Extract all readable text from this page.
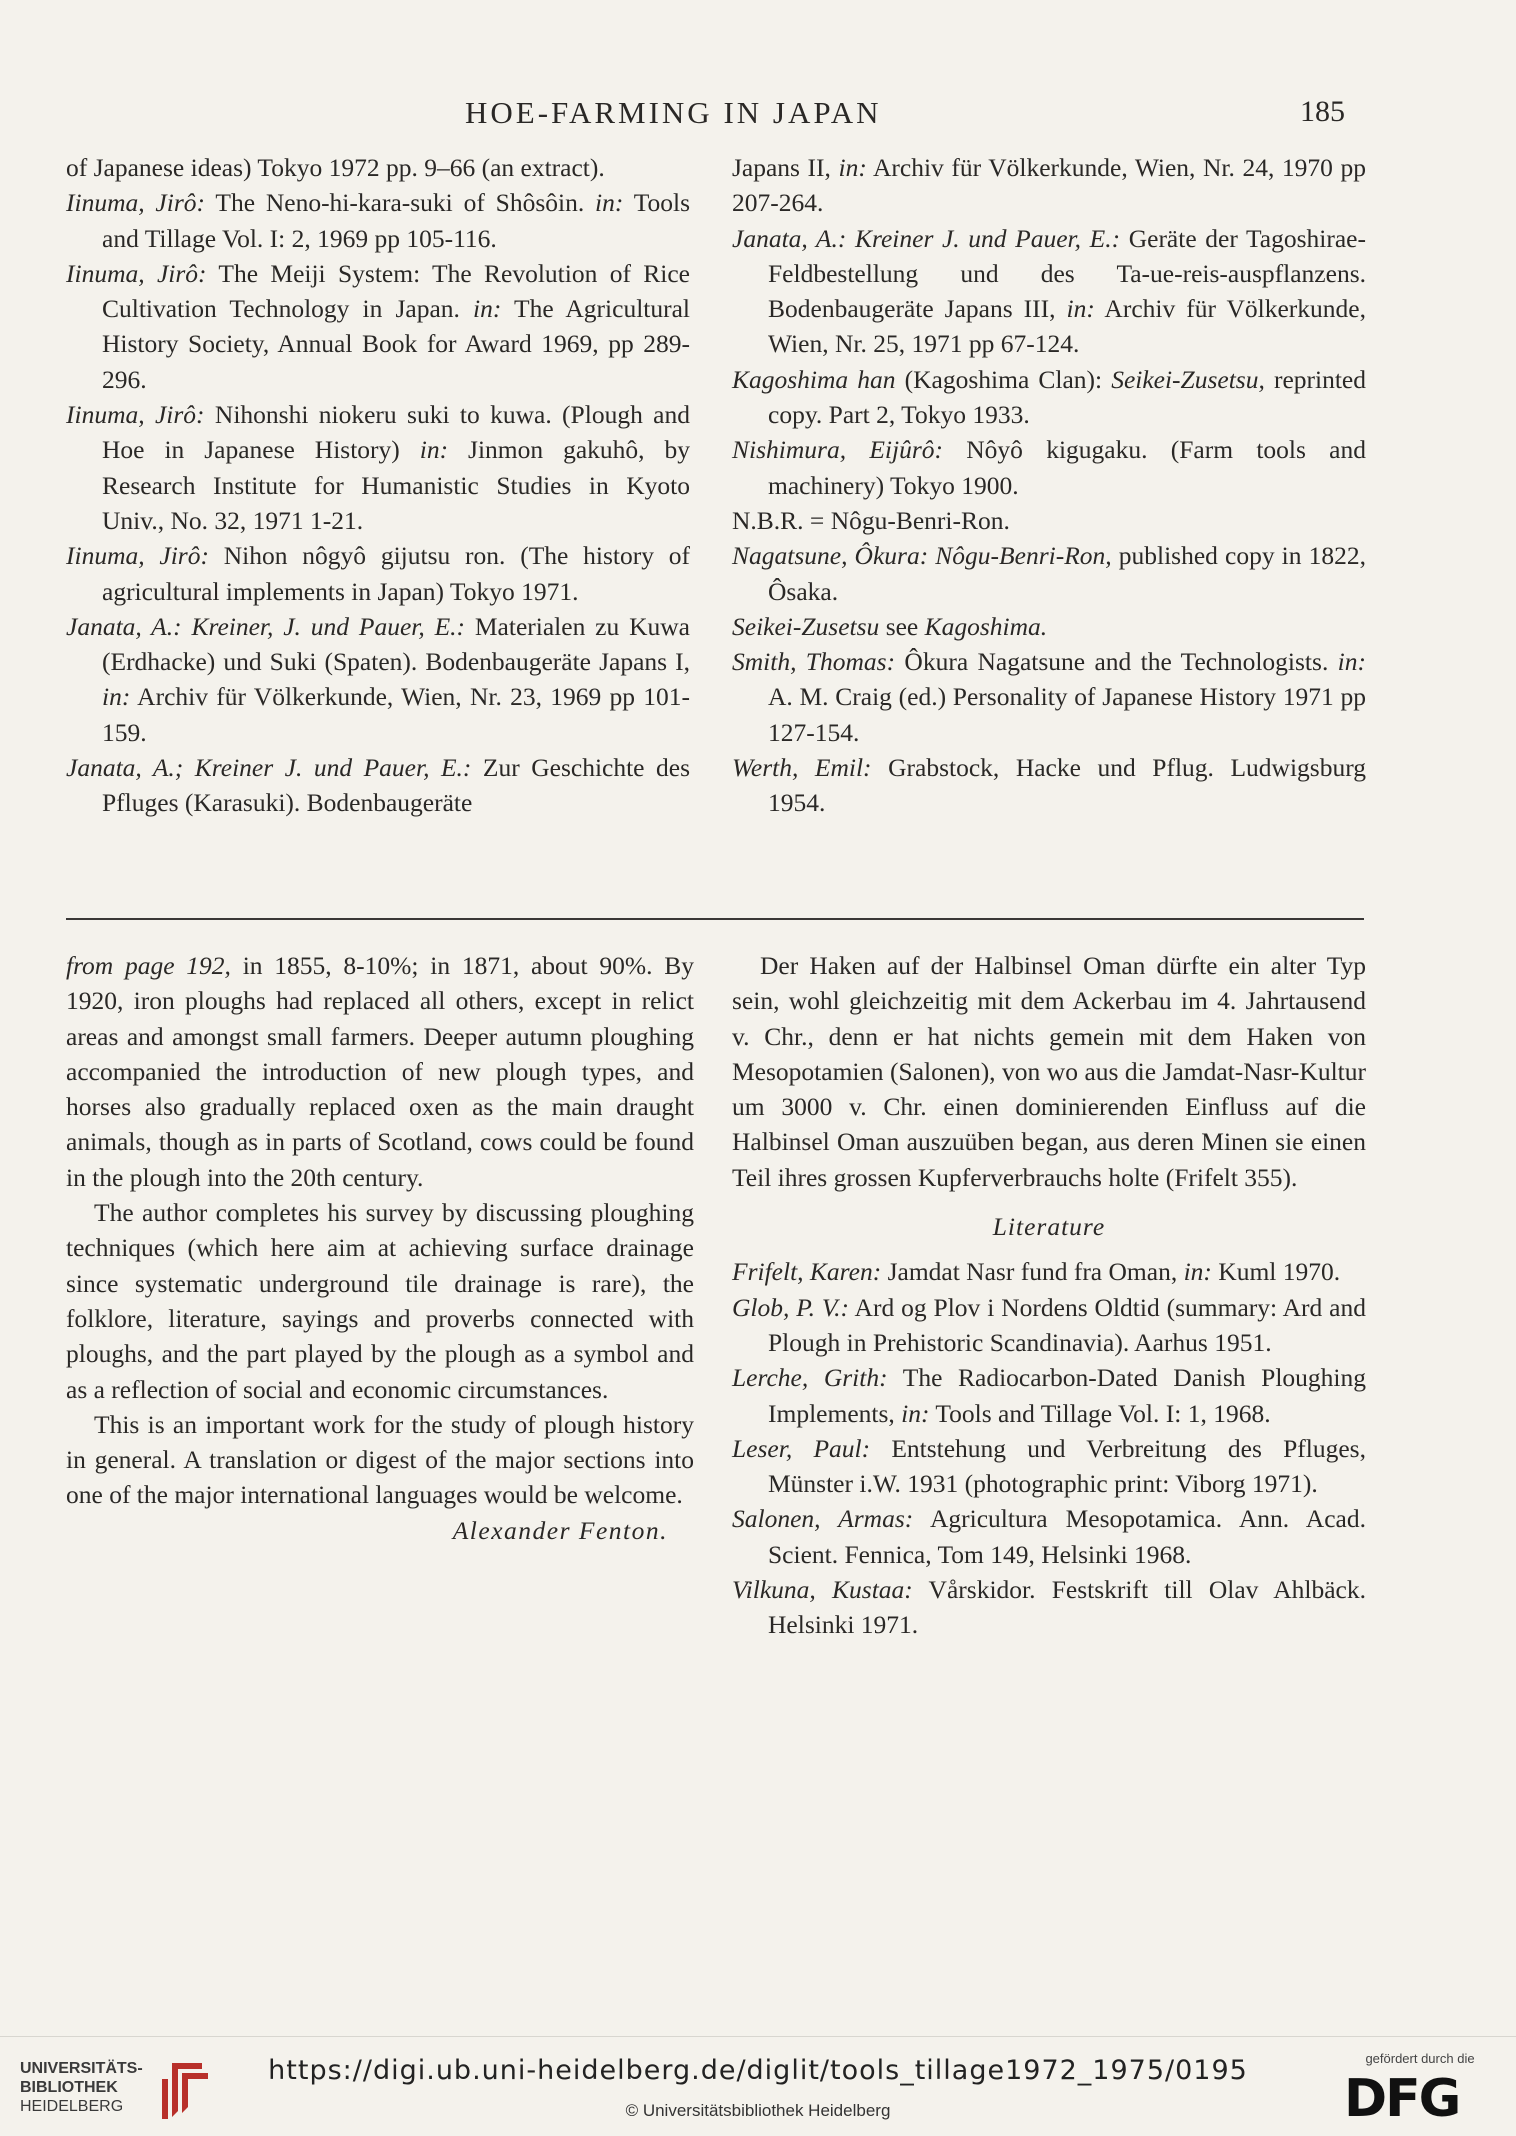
HOE-FARMING IN JAPAN	185

of Japanese ideas) Tokyo 1972 pp. 9–66 (an extract).

Iinuma, Jirô: The Neno-hi-kara-suki of Shôsôin. in: Tools and Tillage Vol. I: 2, 1969 pp 105-116.

Iinuma, Jirô: The Meiji System: The Revolution of Rice Cultivation Technology in Japan. in: The Agricultural History Society, Annual Book for Award 1969, pp 289-296.

Iinuma, Jirô: Nihonshi niokeru suki to kuwa. (Plough and Hoe in Japanese History) in: Jinmon gakuhô, by Research Institute for Humanistic Studies in Kyoto Univ., No. 32, 1971 1-21.

Iinuma, Jirô: Nihon nôgyô gijutsu ron. (The history of agricultural implements in Japan) Tokyo 1971.

Janata, A.: Kreiner, J. und Pauer, E.: Materialen zu Kuwa (Erdhacke) und Suki (Spaten). Bodenbaugeräte Japans I, in: Archiv für Völkerkunde, Wien, Nr. 23, 1969 pp 101-159.

Janata, A.; Kreiner J. und Pauer, E.: Zur Geschichte des Pfluges (Karasuki). Bodenbaugeräte

Japans II, in: Archiv für Völkerkunde, Wien, Nr. 24, 1970 pp 207-264.

Janata, A.: Kreiner J. und Pauer, E.: Geräte der Tagoshirae-Feldbestellung und des Ta-ue-reis-auspflanzens. Bodenbaugeräte Japans III, in: Archiv für Völkerkunde, Wien, Nr. 25, 1971 pp 67-124.

Kagoshima han (Kagoshima Clan): Seikei-Zusetsu, reprinted copy. Part 2, Tokyo 1933.

Nishimura, Eijûrô: Nôyô kigugaku. (Farm tools and machinery) Tokyo 1900.

N.B.R. = Nôgu-Benri-Ron.

Nagatsune, Ôkura: Nôgu-Benri-Ron, published copy in 1822, Ôsaka.

Seikei-Zusetsu see Kagoshima.

Smith, Thomas: Ôkura Nagatsune and the Technologists. in: A. M. Craig (ed.) Personality of Japanese History 1971 pp 127-154.

Werth, Emil: Grabstock, Hacke und Pflug. Ludwigsburg 1954.

from page 192, in 1855, 8-10%; in 1871, about 90%. By 1920, iron ploughs had replaced all others, except in relict areas and amongst small farmers. Deeper autumn ploughing accompanied the introduction of new plough types, and horses also gradually replaced oxen as the main draught animals, though as in parts of Scotland, cows could be found in the plough into the 20th century.

The author completes his survey by discussing ploughing techniques (which here aim at achieving surface drainage since systematic underground tile drainage is rare), the folklore, literature, sayings and proverbs connected with ploughs, and the part played by the plough as a symbol and as a reflection of social and economic circumstances.

This is an important work for the study of plough history in general. A translation or digest of the major sections into one of the major international languages would be welcome.

Alexander Fenton.

Der Haken auf der Halbinsel Oman dürfte ein alter Typ sein, wohl gleichzeitig mit dem Ackerbau im 4. Jahrtausend v. Chr., denn er hat nichts gemein mit dem Haken von Mesopotamien (Salonen), von wo aus die Jamdat-Nasr-Kultur um 3000 v. Chr. einen dominierenden Einfluss auf die Halbinsel Oman auszuüben began, aus deren Minen sie einen Teil ihres grossen Kupferverbrauchs holte (Frifelt 355).

Literature

Frifelt, Karen: Jamdat Nasr fund fra Oman, in: Kuml 1970.

Glob, P. V.: Ard og Plov i Nordens Oldtid (summary: Ard and Plough in Prehistoric Scandinavia). Aarhus 1951.

Lerche, Grith: The Radiocarbon-Dated Danish Ploughing Implements, in: Tools and Tillage Vol. I: 1, 1968.

Leser, Paul: Entstehung und Verbreitung des Pfluges, Münster i.W. 1931 (photographic print: Viborg 1971).

Salonen, Armas: Agricultura Mesopotamica. Ann. Acad. Scient. Fennica, Tom 149, Helsinki 1968.

Vilkuna, Kustaa: Vårskidor. Festskrift till Olav Ahlbäck. Helsinki 1971.

UNIVERSITÄTS-
BIBLIOTHEK
HEIDELBERG
https://digi.ub.uni-heidelberg.de/diglit/tools_tillage1972_1975/0195
© Universitätsbibliothek Heidelberg
gefördert durch die
DFG
